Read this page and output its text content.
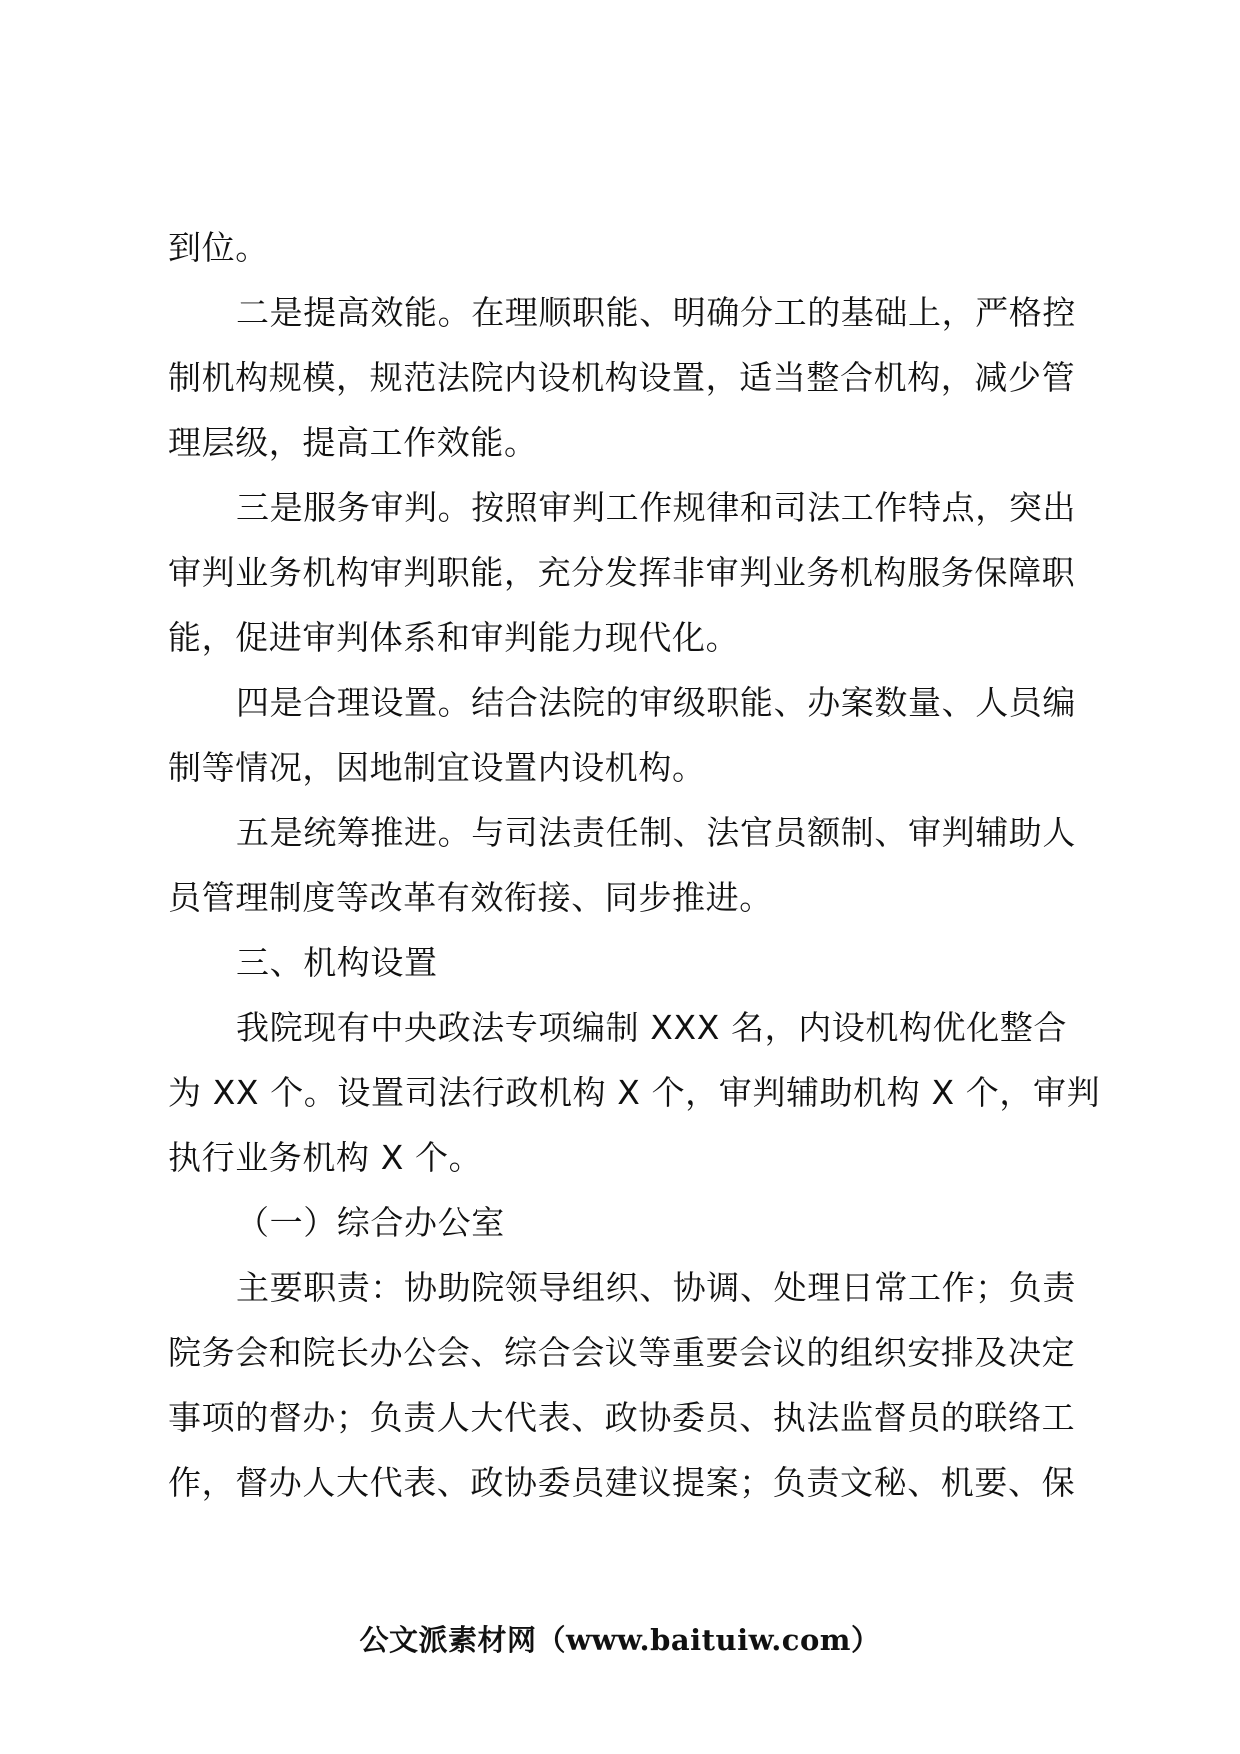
到位。

二是提高效能。在理顺职能、明确分工的基础上，严格控
制机构规模，规范法院内设机构设置，适当整合机构，减少管
理层级，提高工作效能。

三是服务审判。按照审判工作规律和司法工作特点，突出
审判业务机构审判职能，充分发挥非审判业务机构服务保障职
能，促进审判体系和审判能力现代化。

四是合理设置。结合法院的审级职能、办案数量、人员编
制等情况，因地制宜设置内设机构。

五是统筹推进。与司法责任制、法官员额制、审判辅助人
员管理制度等改革有效衔接、同步推进。

三、机构设置

我院现有中央政法专项编制 XXX 名，内设机构优化整合
为 XX 个。设置司法行政机构 X 个，审判辅助机构 X 个，审判
执行业务机构 X 个。

（一）综合办公室

主要职责：协助院领导组织、协调、处理日常工作；负责
院务会和院长办公会、综合会议等重要会议的组织安排及决定
事项的督办；负责人大代表、政协委员、执法监督员的联络工
作，督办人大代表、政协委员建议提案；负责文秘、机要、保

公文派素材网（www.baituiw.com）
